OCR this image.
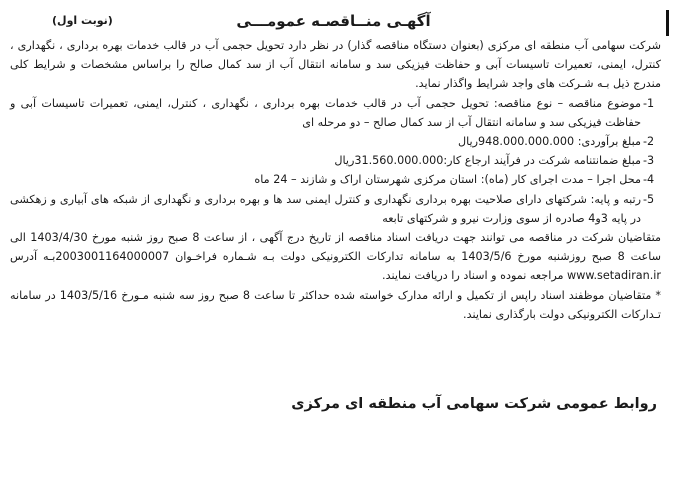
آگهـی منــاقصـه عمومـــی
(نوبت اول)

شرکت سهامی آب منطقه ای مرکزی (بعنوان دستگاه مناقصه گذار) در نظر دارد تحویل حجمی آب در قالب خدمات بهره برداری ، نگهداری ، کنترل، ایمنی، تعمیرات تاسیسات آبی و حفاظت فیزیکی سد و سامانه انتقال آب از سد کمال صالح را براساس مشخصات و شرایط کلی مندرج ذیل بـه شـرکت های واجد شرایط واگذار نماید.

1-
موضوع مناقصه – نوع مناقصه: تحویل حجمی آب در قالب خدمات بهره برداری ، نگهداری ، کنترل، ایمنی، تعمیرات تاسیسات آبی و حفاظت فیزیکی سد و سامانه انتقال آب از سد کمال صالح – دو مرحله ای
2-
مبلغ برآوردی: 948.000.000.000ریال
3-
مبلغ ضمانتنامه شرکت در فرآیند ارجاع کار:31.560.000.000ریال
4-
محل اجرا – مدت اجرای کار (ماه): استان مرکزی شهرستان اراک و شازند – 24 ماه
5-
رتبه و پایه: شرکتهای دارای صلاحیت بهره برداری نگهداری و کنترل ایمنی سد ها و بهره برداری و نگهداری از شبکه های آبیاری و زهکشی در پایه 3و4 صادره از سوی وزارت نیرو و شرکتهای تابعه

متقاضیان شرکت در مناقصه می توانند جهت دریافت اسناد مناقصه از تاریخ درج آگهی ، از ساعت 8 صبح روز شنبه مورخ 1403/4/30 الی ساعت 8 صبح روزشنبه مورخ 1403/5/6 به سامانه تدارکات الکترونیکی دولت بـه شـماره فراخـوان 2003001164000007بـه آدرس www.setadiran.ir مراجعه نموده و اسناد را دریافت نمایند.

* متقاضیان موظفند اسناد راپس از تکمیل و ارائه مدارک خواسته شده حداکثر تا ساعت 8 صبح روز سه شنبه مـورخ 1403/5/16 در سامانه تـدارکات الکترونیکی دولت بارگذاری نمایند.

روابط عمومی شرکت سهامی آب منطقه ای مرکزی
